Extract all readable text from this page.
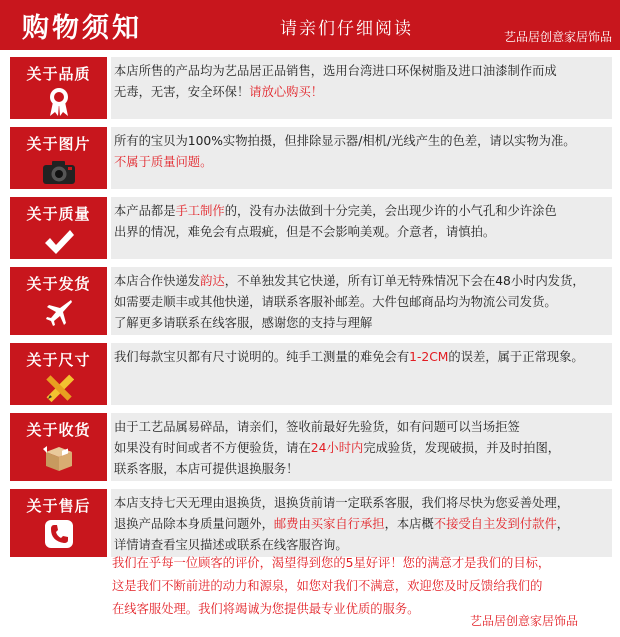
购物须知	请亲们仔细阅读	艺品居创意家居饰品
关于品质	本店所售的产品均为艺品居正品销售，选用台湾进口环保树脂及进口油漆制作而成
无毒，无害，安全环保！请放心购买！
关于图片	所有的宝贝为100%实物拍摄，但排除显示器/相机/光线产生的色差，请以实物为准。
不属于质量问题。
关于质量	本产品都是手工制作的，没有办法做到十分完美，会出现少许的小气孔和少许涂色
出界的情况，难免会有点瑕疵，但是不会影响美观。介意者，请慎拍。
关于发货	本店合作快递发韵达，不单独发其它快递，所有订单无特殊情况下会在48小时内发货，
如需要走顺丰或其他快递，请联系客服补邮差。大件包邮商品均为物流公司发货。
了解更多请联系在线客服，感谢您的支持与理解
关于尺寸	我们每款宝贝都有尺寸说明的。纯手工测量的难免会有1-2CM的误差，属于正常现象。
关于收货	由于工艺品属易碎品，请亲们，签收前最好先验货，如有问题可以当场拒签
如果没有时间或者不方便验货，请在24小时内完成验货，发现破损，并及时拍图，
联系客服，本店可提供退换服务！
关于售后	本店支持七天无理由退换货，退换货前请一定联系客服，我们将尽快为您妥善处理，
退换产品除本身质量问题外，邮费由买家自行承担，本店概不接受自主发到付款件，
详情请查看宝贝描述或联系在线客服咨询。
我们在乎每一位顾客的评价，渴望得到您的5星好评！您的满意才是我们的目标，
这是我们不断前进的动力和源泉，如您对我们不满意，欢迎您及时反馈给我们的
在线客服处理。我们将竭诚为您提供最专业优质的服务。
艺品居创意家居饰品
